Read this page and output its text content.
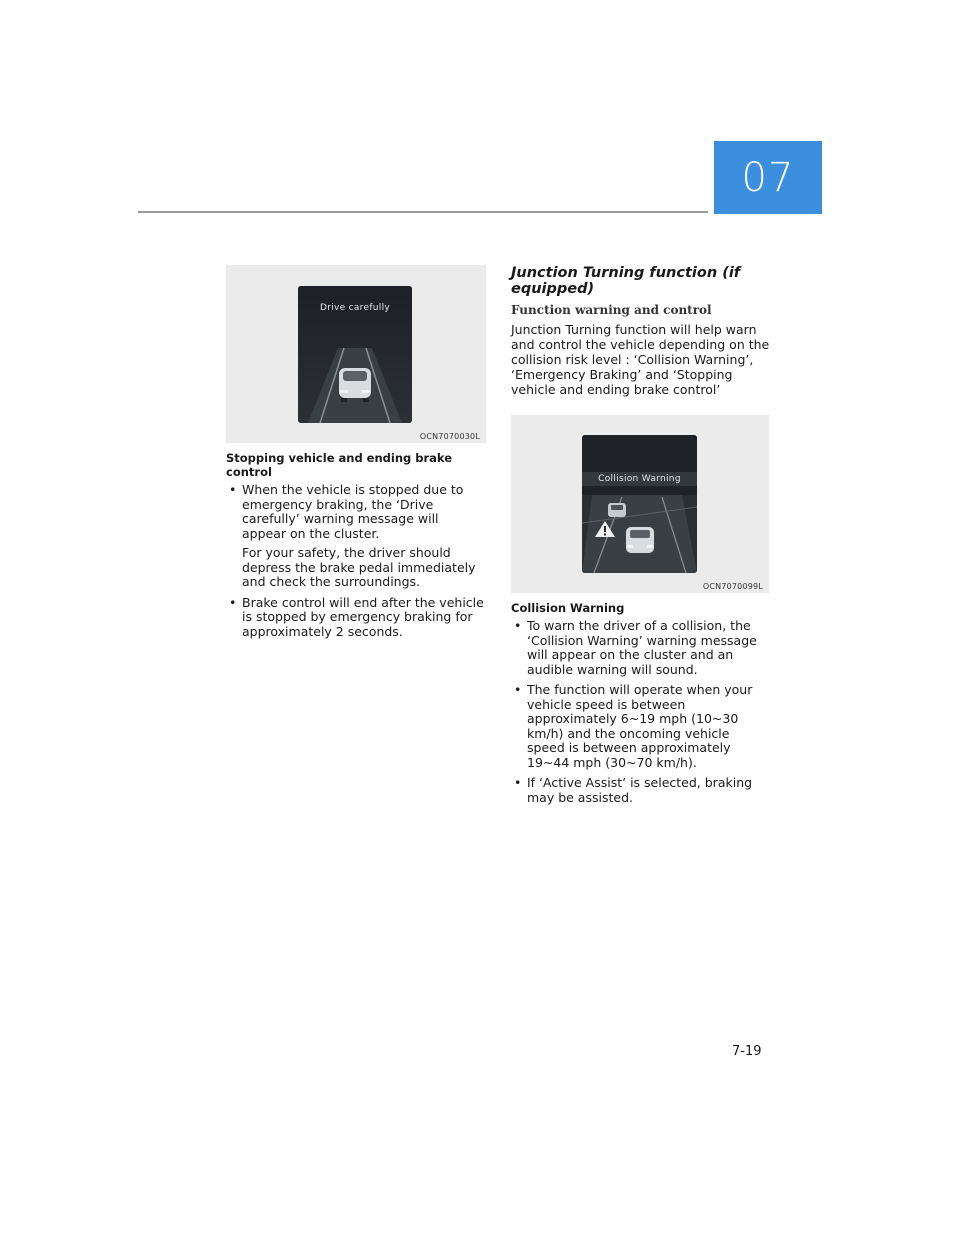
07
Drive carefully
OCN7070030L
Stopping vehicle and ending brake control
• When the vehicle is stopped due to emergency braking, the ‘Drive carefully’ warning message will appear on the cluster.
For your safety, the driver should depress the brake pedal immediately and check the surroundings.
• Brake control will end after the vehicle is stopped by emergency braking for approximately 2 seconds.
Junction Turning function (if equipped)
Function warning and control
Junction Turning function will help warn and control the vehicle depending on the collision risk level : ‘Collision Warning’, ‘Emergency Braking’ and ‘Stopping vehicle and ending brake control’
Collision Warning
OCN7070099L
Collision Warning
• To warn the driver of a collision, the ‘Collision Warning’ warning message will appear on the cluster and an audible warning will sound.
• The function will operate when your vehicle speed is between approximately 6~19 mph (10~30 km/h) and the oncoming vehicle speed is between approximately 19~44 mph (30~70 km/h).
• If ‘Active Assist’ is selected, braking may be assisted.
7-19
